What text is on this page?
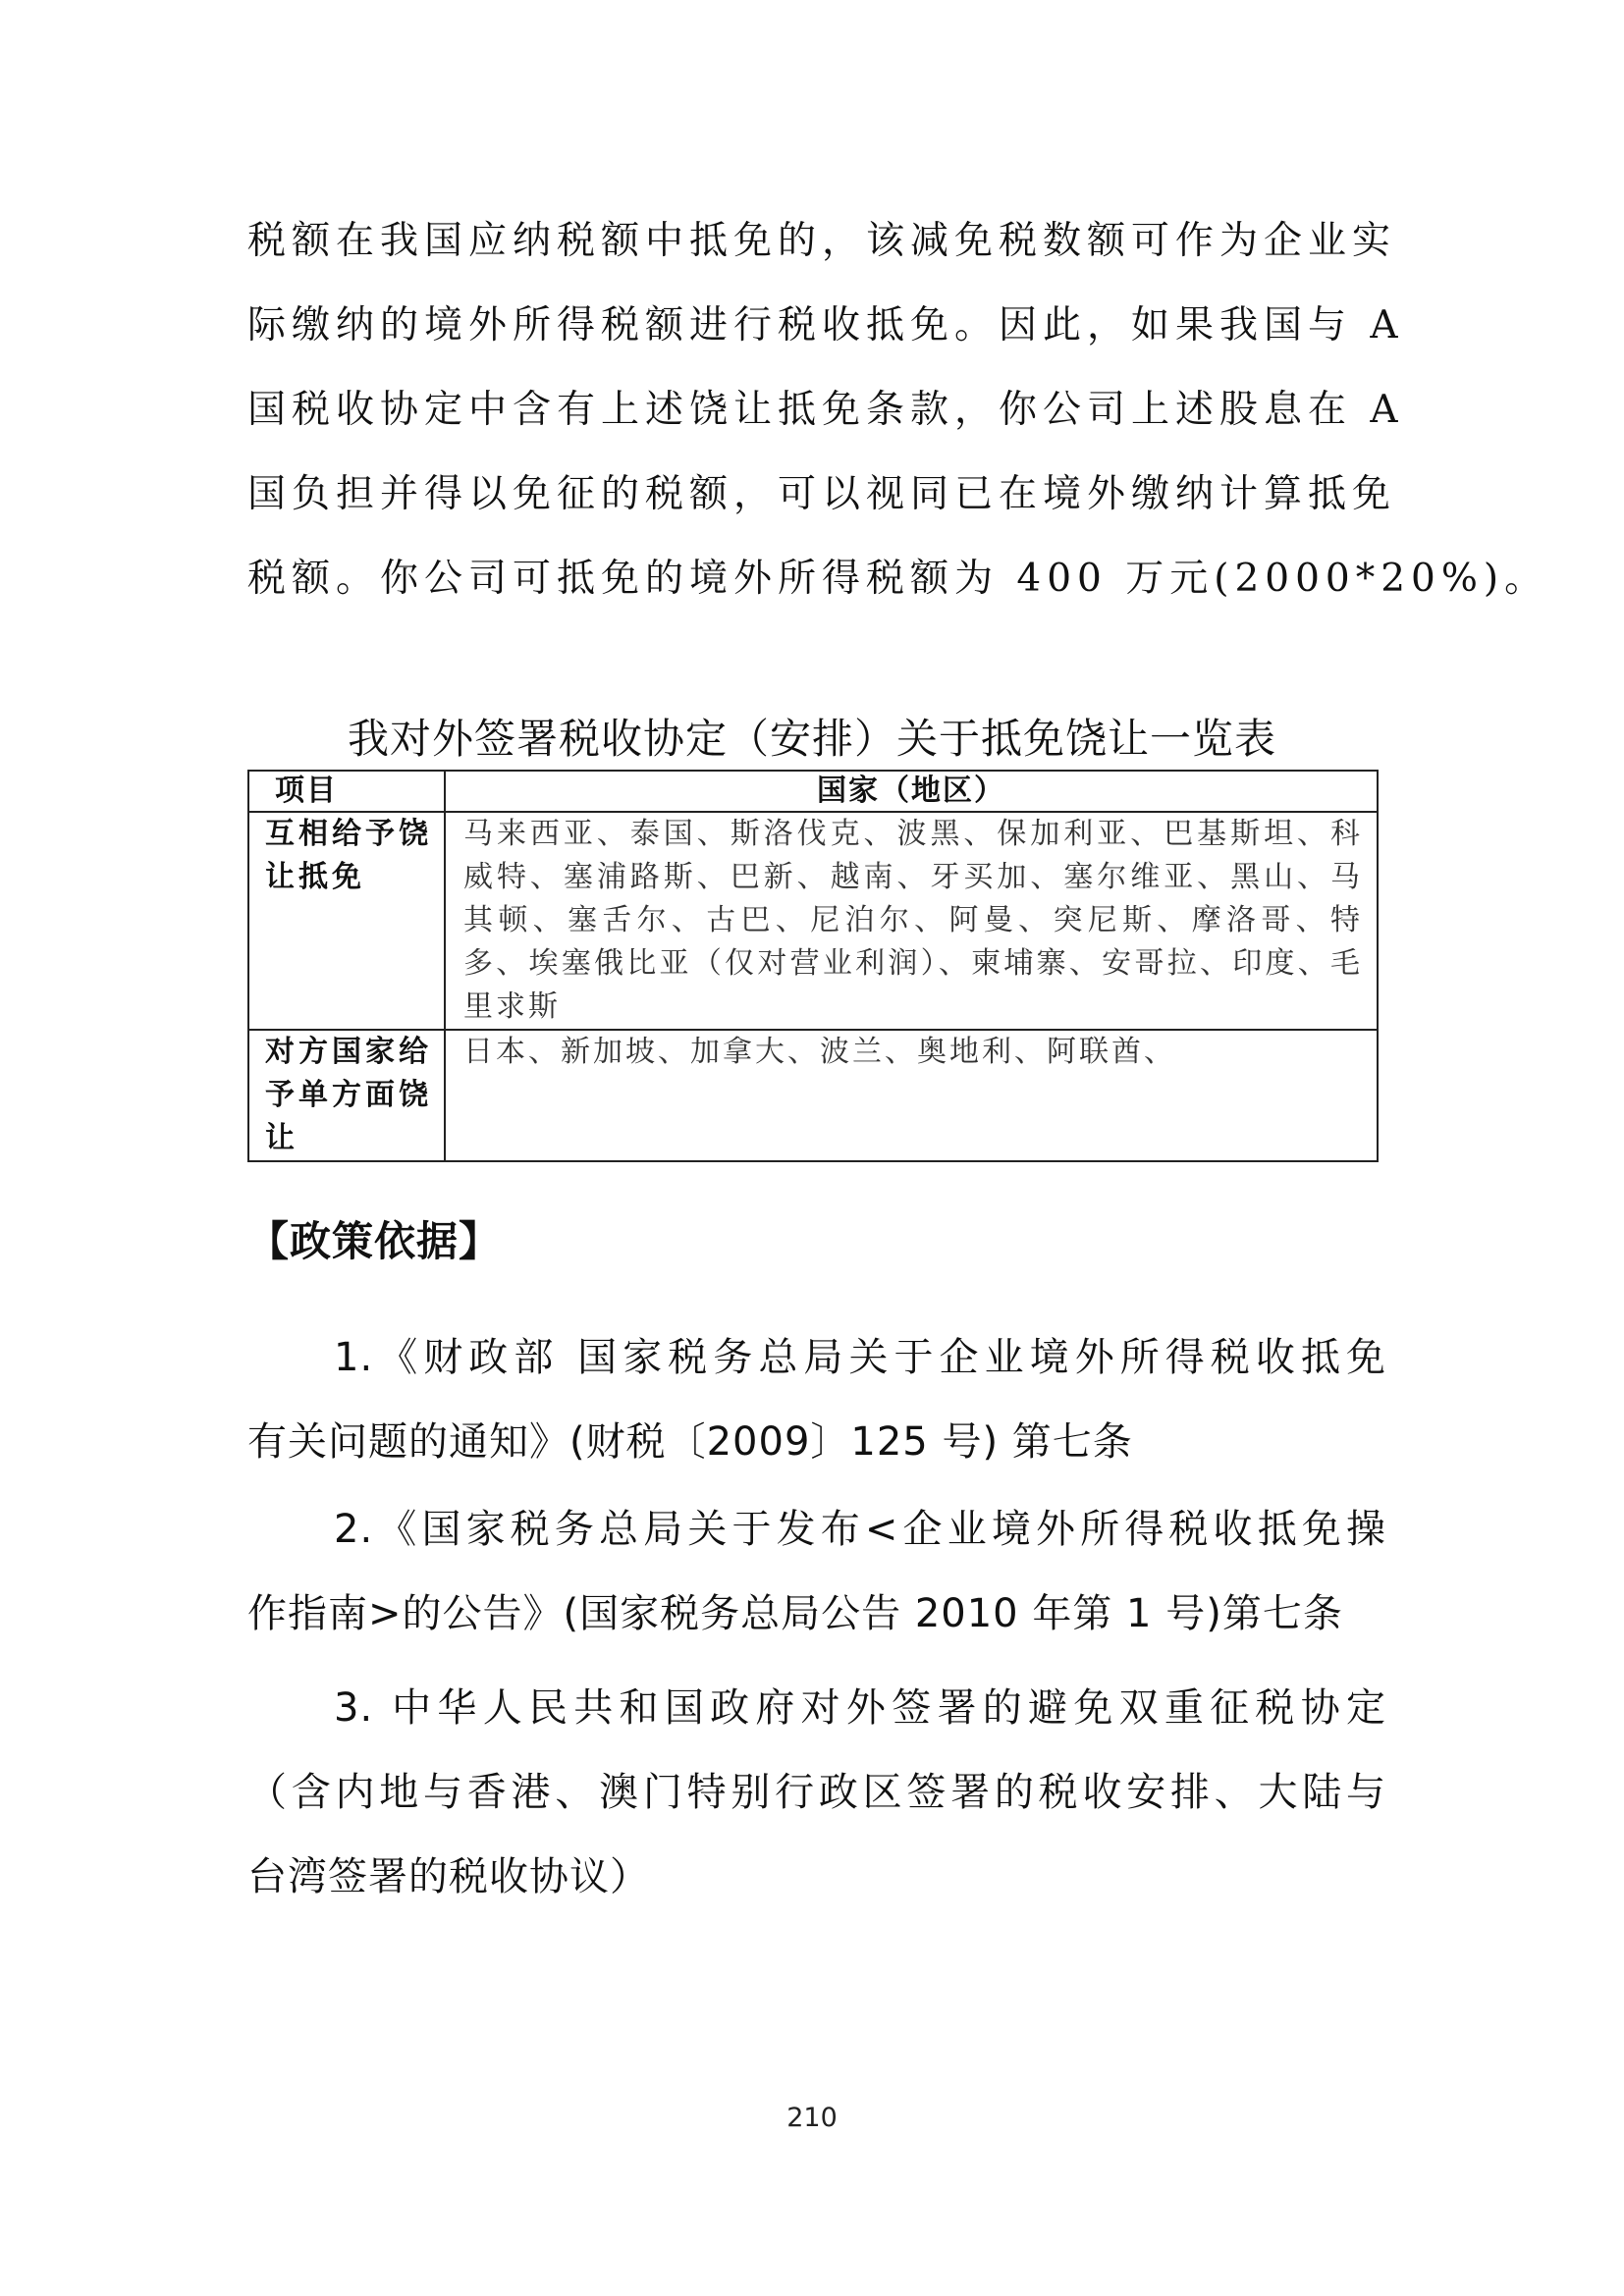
税额在我国应纳税额中抵免的，该减免税数额可作为企业实
际缴纳的境外所得税额进行税收抵免。因此，如果我国与 A
国税收协定中含有上述饶让抵免条款，你公司上述股息在 A
国负担并得以免征的税额，可以视同已在境外缴纳计算抵免
税额。你公司可抵免的境外所得税额为 400 万元(2000*20%)。
我对外签署税收协定（安排）关于抵免饶让一览表
项目	国家（地区）
互相给予饶让抵免	马来西亚、泰国、斯洛伐克、波黑、保加利亚、巴基斯坦、科威特、塞浦路斯、巴新、越南、牙买加、塞尔维亚、黑山、马其顿、塞舌尔、古巴、尼泊尔、阿曼、突尼斯、摩洛哥、特多、埃塞俄比亚（仅对营业利润）、柬埔寨、安哥拉、印度、毛里求斯
对方国家给予单方面饶让	日本、新加坡、加拿大、波兰、奥地利、阿联酋、
【政策依据】
1.《财政部 国家税务总局关于企业境外所得税收抵免
有关问题的通知》(财税〔2009〕125 号) 第七条
2.《国家税务总局关于发布<企业境外所得税收抵免操
作指南>的公告》(国家税务总局公告 2010 年第 1 号)第七条
3. 中华人民共和国政府对外签署的避免双重征税协定
（含内地与香港、澳门特别行政区签署的税收安排、大陆与
台湾签署的税收协议）
210
